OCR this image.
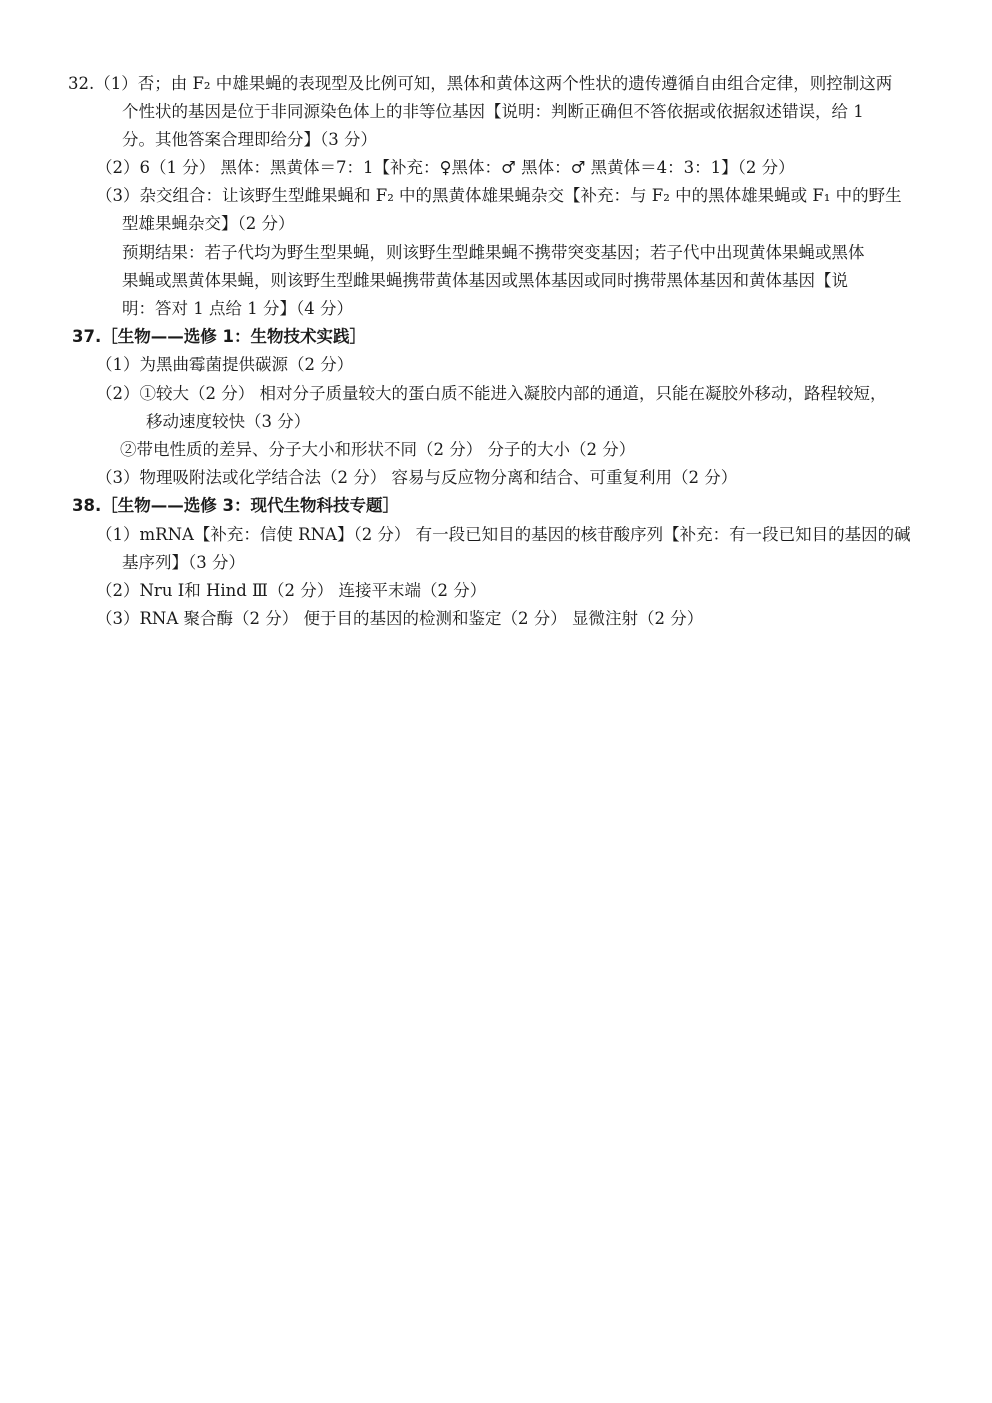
32.（1）否；由 F₂ 中雄果蝇的表现型及比例可知，黑体和黄体这两个性状的遗传遵循自由组合定律，则控制这两
个性状的基因是位于非同源染色体上的非等位基因【说明：判断正确但不答依据或依据叙述错误，给 1
分。其他答案合理即给分】（3 分）
（2）6（1 分） 黑体：黑黄体＝7：1【补充：♀黑体：♂ 黑体：♂ 黑黄体＝4：3：1】（2 分）
（3）杂交组合：让该野生型雌果蝇和 F₂ 中的黑黄体雄果蝇杂交【补充：与 F₂ 中的黑体雄果蝇或 F₁ 中的野生
型雄果蝇杂交】（2 分）
预期结果：若子代均为野生型果蝇，则该野生型雌果蝇不携带突变基因；若子代中出现黄体果蝇或黑体
果蝇或黑黄体果蝇，则该野生型雌果蝇携带黄体基因或黑体基因或同时携带黑体基因和黄体基因【说
明：答对 1 点给 1 分】（4 分）
37.［生物——选修 1：生物技术实践］
（1）为黑曲霉菌提供碳源（2 分）
（2）①较大（2 分） 相对分子质量较大的蛋白质不能进入凝胶内部的通道，只能在凝胶外移动，路程较短，
移动速度较快（3 分）
②带电性质的差异、分子大小和形状不同（2 分） 分子的大小（2 分）
（3）物理吸附法或化学结合法（2 分） 容易与反应物分离和结合、可重复利用（2 分）
38.［生物——选修 3：现代生物科技专题］
（1）mRNA【补充：信使 RNA】（2 分） 有一段已知目的基因的核苷酸序列【补充：有一段已知目的基因的碱
基序列】（3 分）
（2）Nru Ⅰ和 Hind Ⅲ（2 分） 连接平末端（2 分）
（3）RNA 聚合酶（2 分） 便于目的基因的检测和鉴定（2 分） 显微注射（2 分）
